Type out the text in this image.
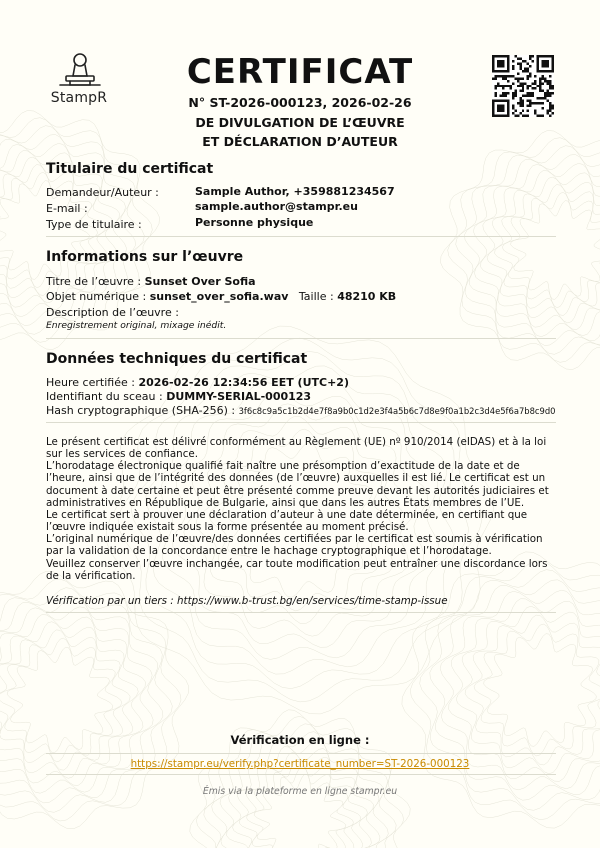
StampR
CERTIFICAT
N° ST-2026-000123, 2026-02-26
DE DIVULGATION DE L’ŒUVRE
ET DÉCLARATION D’AUTEUR
Titulaire du certificat
Demandeur/Auteur :	Sample Author, +359881234567
E-mail :	sample.author@stampr.eu
Type de titulaire :	Personne physique
Informations sur l’œuvre
Titre de l’œuvre : Sunset Over Sofia
Objet numérique : sunset_over_sofia.wav Taille : 48210 KB
Description de l’œuvre :
Enregistrement original, mixage inédit.
Données techniques du certificat
Heure certifiée : 2026-02-26 12:34:56 EET (UTC+2)
Identifiant du sceau : DUMMY-SERIAL-000123
Hash cryptographique (SHA-256) : 3f6c8c9a5c1b2d4e7f8a9b0c1d2e3f4a5b6c7d8e9f0a1b2c3d4e5f6a7b8c9d0

Le présent certificat est délivré conformément au Règlement (UE) nº 910/2014 (eIDAS) et à la loi sur les services de confiance.

L’horodatage électronique qualifié fait naître une présomption d’exactitude de la date et de l’heure, ainsi que de l’intégrité des données (de l’œuvre) auxquelles il est lié. Le certificat est un document à date certaine et peut être présenté comme preuve devant les autorités judiciaires et administratives en République de Bulgarie, ainsi que dans les autres États membres de l’UE.

Le certificat sert à prouver une déclaration d’auteur à une date déterminée, en certifiant que l’œuvre indiquée existait sous la forme présentée au moment précisé.

L’original numérique de l’œuvre/des données certifiées par le certificat est soumis à vérification par la validation de la concordance entre le hachage cryptographique et l’horodatage.

Veuillez conserver l’œuvre inchangée, car toute modification peut entraîner une discordance lors de la vérification.

Vérification par un tiers : https://www.b-trust.bg/en/services/time-stamp-issue

Vérification en ligne :
https://stampr.eu/verify.php?certificate_number=ST-2026-000123
Émis via la plateforme en ligne stampr.eu
